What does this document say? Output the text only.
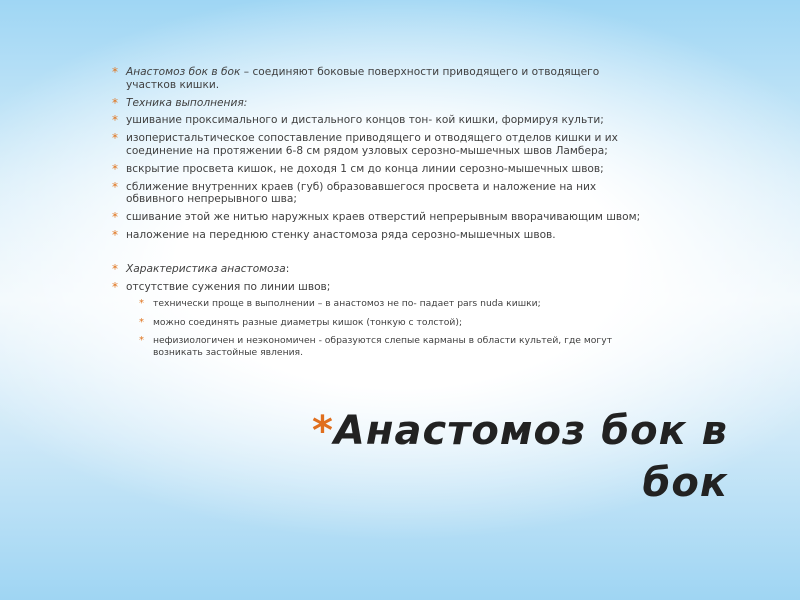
* Анастомоз бок в бок – соединяют боковые поверхности приводящего и отводящего участков кишки.
* Техника выполнения:
* ушивание проксимального и дистального концов тон- кой кишки, формируя культи;
* изоперистальтическое сопоставление приводящего и отводящего отделов кишки и их соединение на протяжении 6-8 см рядом узловых серозно-мышечных швов Ламбера;
* вскрытие просвета кишок, не доходя 1 см до конца линии серозно-мышечных швов;
* сближение внутренних краев (губ) образовавшегося просвета и наложение на них обвивного непрерывного шва;
* сшивание этой же нитью наружных краев отверстий непрерывным вворачивающим швом;
* наложение на переднюю стенку анастомоза ряда серозно-мышечных швов.
* Характеристика анастомоза:
* отсутствие сужения по линии швов;
* технически проще в выполнении – в анастомоз не по- падает pars nuda кишки;
* можно соединять разные диаметры кишок (тонкую с толстой);
* нефизиологичен и неэкономичен - образуются слепые карманы в области культей, где могут возникать застойные явления.
*Анастомоз бок в
бок
